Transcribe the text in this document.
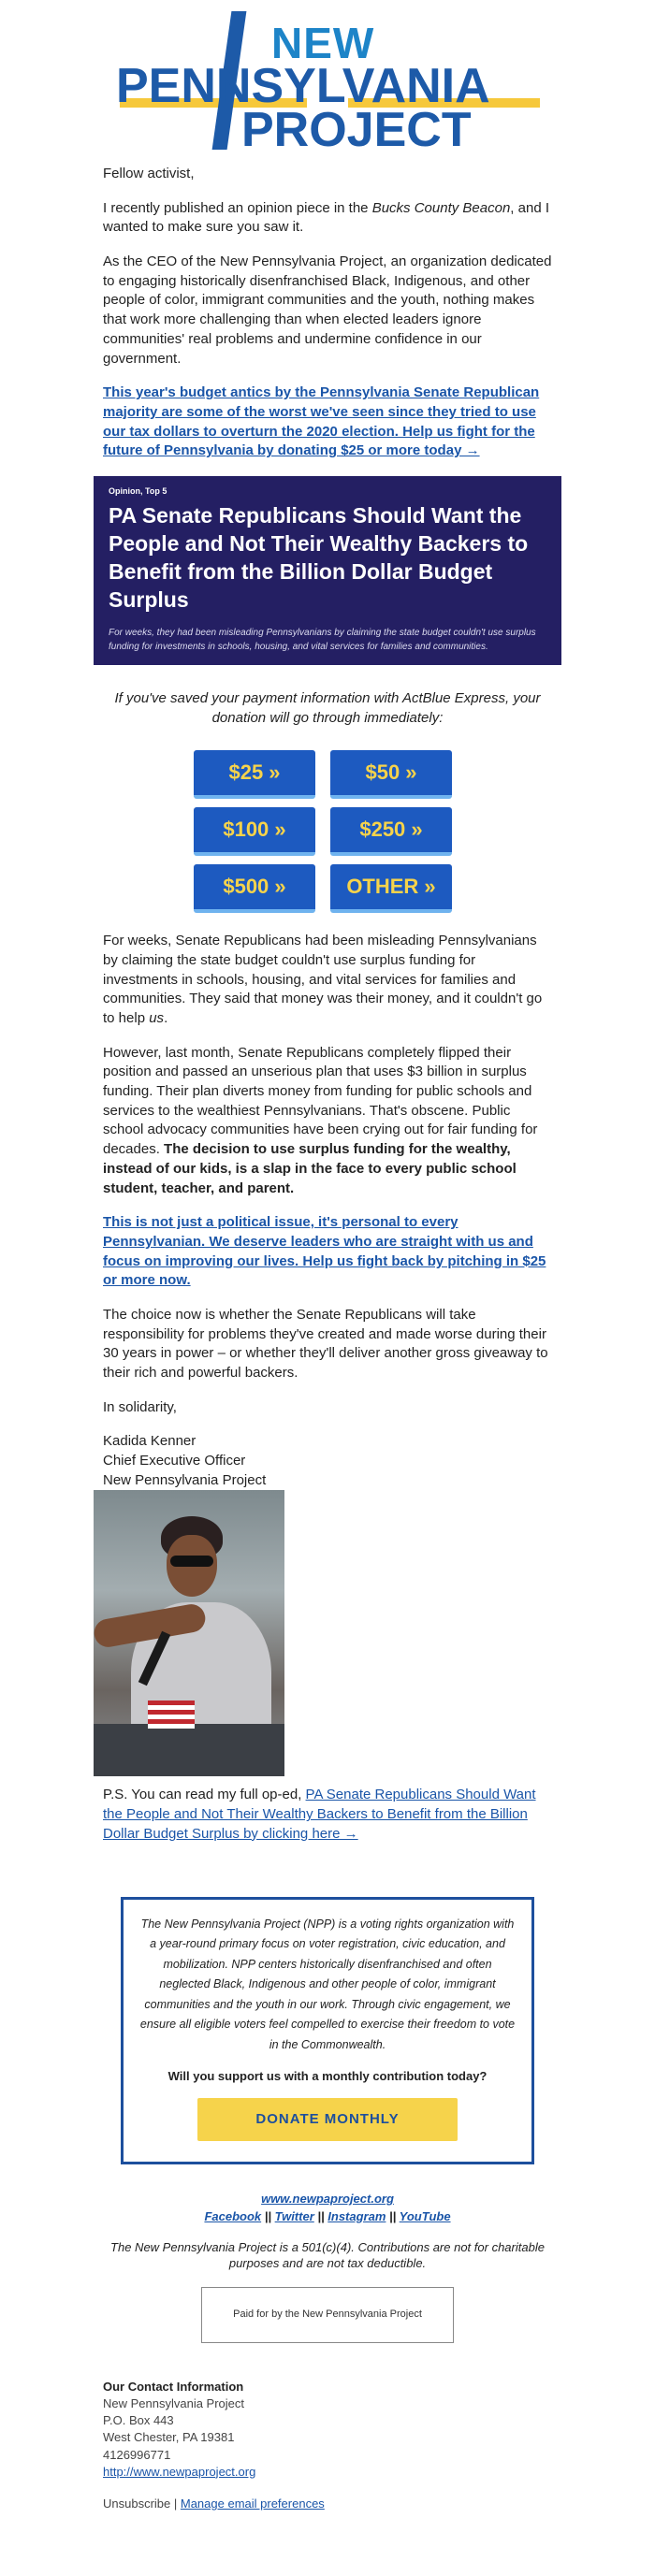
NEW
PENNSYLVANIA
PROJECT

Fellow activist,

I recently published an opinion piece in the Bucks County Beacon, and I wanted to make sure you saw it.

As the CEO of the New Pennsylvania Project, an organization dedicated to engaging historically disenfranchised Black, Indigenous, and other people of color, immigrant communities and the youth, nothing makes that work more challenging than when elected leaders ignore communities' real problems and undermine confidence in our government.

This year's budget antics by the Pennsylvania Senate Republican majority are some of the worst we've seen since they tried to use our tax dollars to overturn the 2020 election. Help us fight for the future of Pennsylvania by donating $25 or more today →

Opinion, Top 5
PA Senate Republicans Should Want the People and Not Their Wealthy Backers to Benefit from the Billion Dollar Budget Surplus
For weeks, they had been misleading Pennsylvanians by claiming the state budget couldn't use surplus funding for investments in schools, housing, and vital services for families and communities.

If you've saved your payment information with ActBlue Express, your donation will go through immediately:

$25 »	$50 »
$100 »	$250 »
$500 »	OTHER »

For weeks, Senate Republicans had been misleading Pennsylvanians by claiming the state budget couldn't use surplus funding for investments in schools, housing, and vital services for families and communities. They said that money was their money, and it couldn't go to help us.

However, last month, Senate Republicans completely flipped their position and passed an unserious plan that uses $3 billion in surplus funding. Their plan diverts money from funding for public schools and services to the wealthiest Pennsylvanians. That's obscene. Public school advocacy communities have been crying out for fair funding for decades. The decision to use surplus funding for the wealthy, instead of our kids, is a slap in the face to every public school student, teacher, and parent.

This is not just a political issue, it's personal to every Pennsylvanian. We deserve leaders who are straight with us and focus on improving our lives. Help us fight back by pitching in $25 or more now.

The choice now is whether the Senate Republicans will take responsibility for problems they've created and made worse during their 30 years in power – or whether they'll deliver another gross giveaway to their rich and powerful backers.

In solidarity,

Kadida Kenner
Chief Executive Officer
New Pennsylvania Project

P.S. You can read my full op-ed, PA Senate Republicans Should Want the People and Not Their Wealthy Backers to Benefit from the Billion Dollar Budget Surplus by clicking here →

The New Pennsylvania Project (NPP) is a voting rights organization with a year-round primary focus on voter registration, civic education, and mobilization. NPP centers historically disenfranchised and often neglected Black, Indigenous and other people of color, immigrant communities and the youth in our work. Through civic engagement, we ensure all eligible voters feel compelled to exercise their freedom to vote in the Commonwealth.

Will you support us with a monthly contribution today?

DONATE MONTHLY
www.newpaproject.org
Facebook || Twitter || Instagram || YouTube

The New Pennsylvania Project is a 501(c)(4). Contributions are not for charitable purposes and are not tax deductible.

Paid for by the New Pennsylvania Project
Our Contact Information
New Pennsylvania Project
P.O. Box 443
West Chester, PA 19381
4126996771
http://www.newpaproject.org
Unsubscribe | Manage email preferences
